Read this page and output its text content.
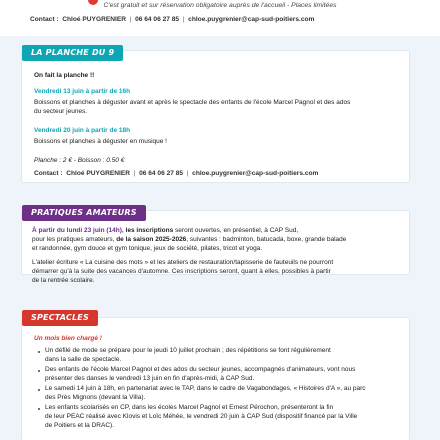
C'est gratuit et sur réservation obligatoire auprès de l'accueil - Places limitées
Contact : Chloé PUYGRENIER  |  06 64 06 27 85  |  chloe.puygrenier@cap-sud-poitiers.com
LA PLANCHE DU 9
On fait la planche !!
Vendredi 13 juin à partir de 16h
Boissons et planches à déguster avant et après le spectacle des enfants de l'école Marcel Pagnol et des ados
du secteur jeunes.
Vendredi 20 juin à partir de 18h
Boissons et planches à déguster en musique !
Planche : 2 € - Boisson : 0.50 €
Contact : Chloé PUYGRENIER  |  06 64 06 27 85  |  chloe.puygrenier@cap-sud-poitiers.com
PRATIQUES AMATEURS
À partir du lundi 23 juin (14h), les inscriptions seront ouvertes, en présentiel, à CAP Sud,
pour les pratiques amateurs, de la saison 2025-2026, suivantes : badminton, batucada, boxe, grande balade
et randonnée, gym douce et gym tonique, jeux de société, pilates, tricot et yoga.
L'atelier écriture « La cuisine des mots » et les ateliers de restauration/tapisserie de fauteuils ne pourront
démarrer qu'à la suite des vacances d'automne. Ces inscriptions seront, quant à elles, possibles à partir
de la rentrée scolaire.
SPECTACLES
Un mois bien chargé !
Un défilé de mode se prépare pour le jeudi 10 juillet prochain ; des répétitions se font régulièrement
dans la salle de spectacle.
Des enfants de l'école Marcel Pagnol et des ados du secteur jeunes, accompagnés d'animateurs, vont nous
présenter des danses le vendredi 13 juin en fin d'après-midi, à CAP Sud.
Le samedi 14 juin à 18h, en partenariat avec le TAP, dans le cadre de Vagabondages, « Histoires d'A », au parc
des Près Mignons (devant la Villa).
Les enfants scolarisés en CP, dans les écoles Marcel Pagnol et Ernest Pérochon, présenteront la fin
de leur PEAC réalisé avec Klovis et Loïc Méhée, le vendredi 20 juin à CAP Sud (dispositif financé par la Ville
de Poitiers et la DRAC).
